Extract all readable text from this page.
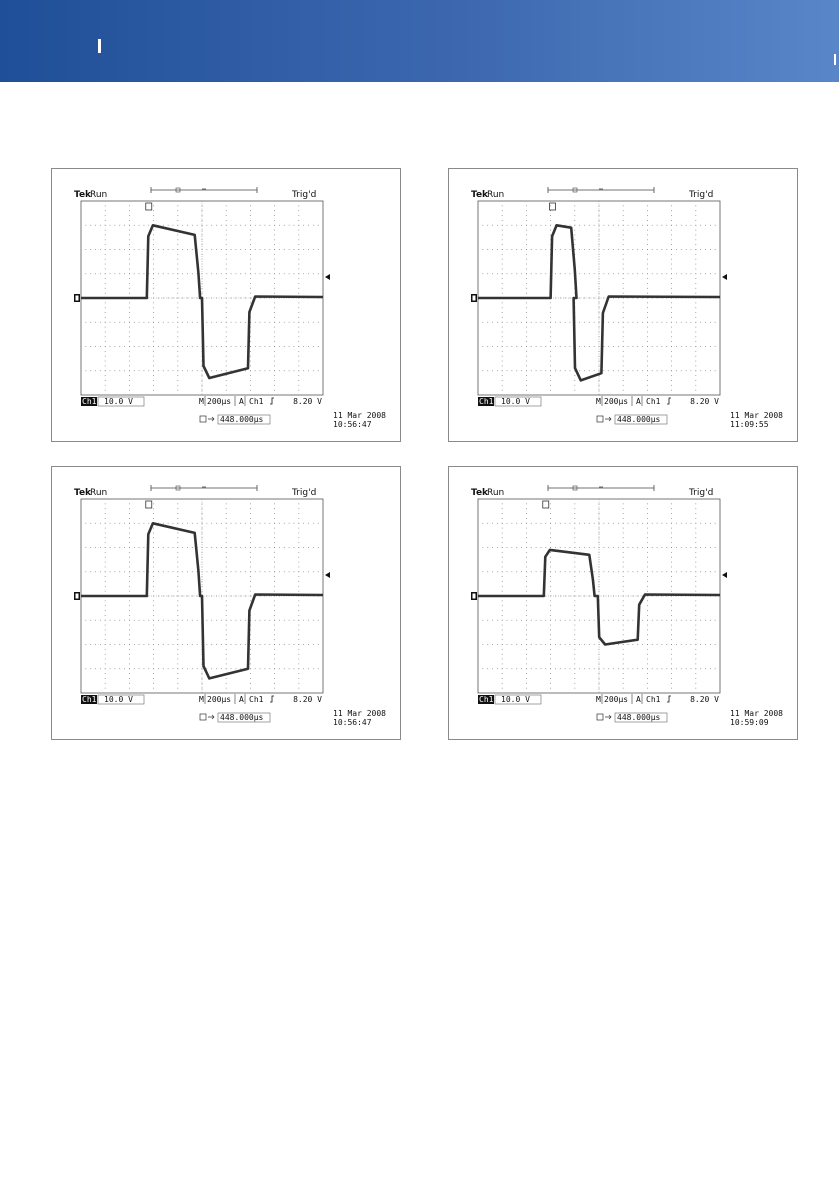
Tek
Run	Trig'd
Ch1 10.0 V	M 200µs A Ch1	8.20 V
448.000µs	11 Mar 2008
10:56:47
Tek
Run	Trig'd
Ch1 10.0 V	M 200µs A Ch1	8.20 V
448.000µs	11 Mar 2008
11:09:55
Tek
Run	Trig'd
Ch1 10.0 V	M 200µs A Ch1	8.20 V
448.000µs	11 Mar 2008
10:56:47
Tek
Run	Trig'd
Ch1 10.0 V	M 200µs A Ch1	8.20 V
448.000µs	11 Mar 2008
10:59:09
